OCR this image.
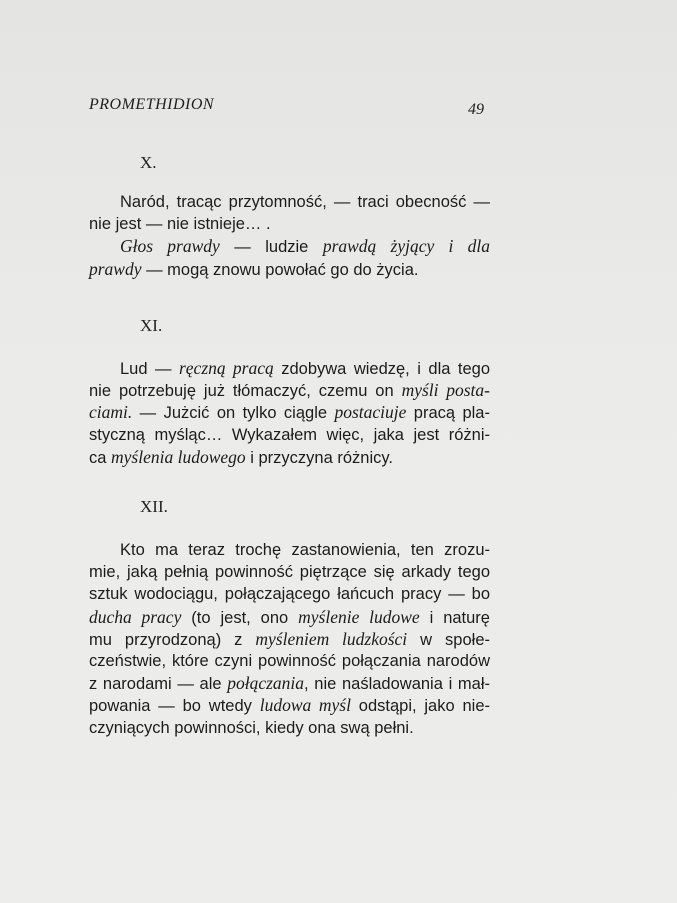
PROMETHIDION	49
X.
Naród, tracąc przytomność, — traci obecność —
nie jest — nie istnieje… .
Głos prawdy — ludzie prawdą żyjący i dla
prawdy — mogą znowu powołać go do życia.
XI.
Lud — ręczną pracą zdobywa wiedzę, i dla tego
nie potrzebuję już tłómaczyć, czemu on myśli posta-
ciami. — Jużcić on tylko ciągle postaciuje pracą pla-
styczną myśląc… Wykazałem więc, jaka jest różni-
ca myślenia ludowego i przyczyna różnicy.
XII.
Kto ma teraz trochę zastanowienia, ten zrozu-
mie, jaką pełnią powinność piętrzące się arkady tego
sztuk wodociągu, połączającego łańcuch pracy — bo
ducha pracy (to jest, ono myślenie ludowe i naturę
mu przyrodzoną) z myśleniem ludzkości w społe-
czeństwie, które czyni powinność połączania narodów
z narodami — ale połączania, nie naśladowania i mał-
powania — bo wtedy ludowa myśl odstąpi, jako nie-
czyniących powinności, kiedy ona swą pełni.
